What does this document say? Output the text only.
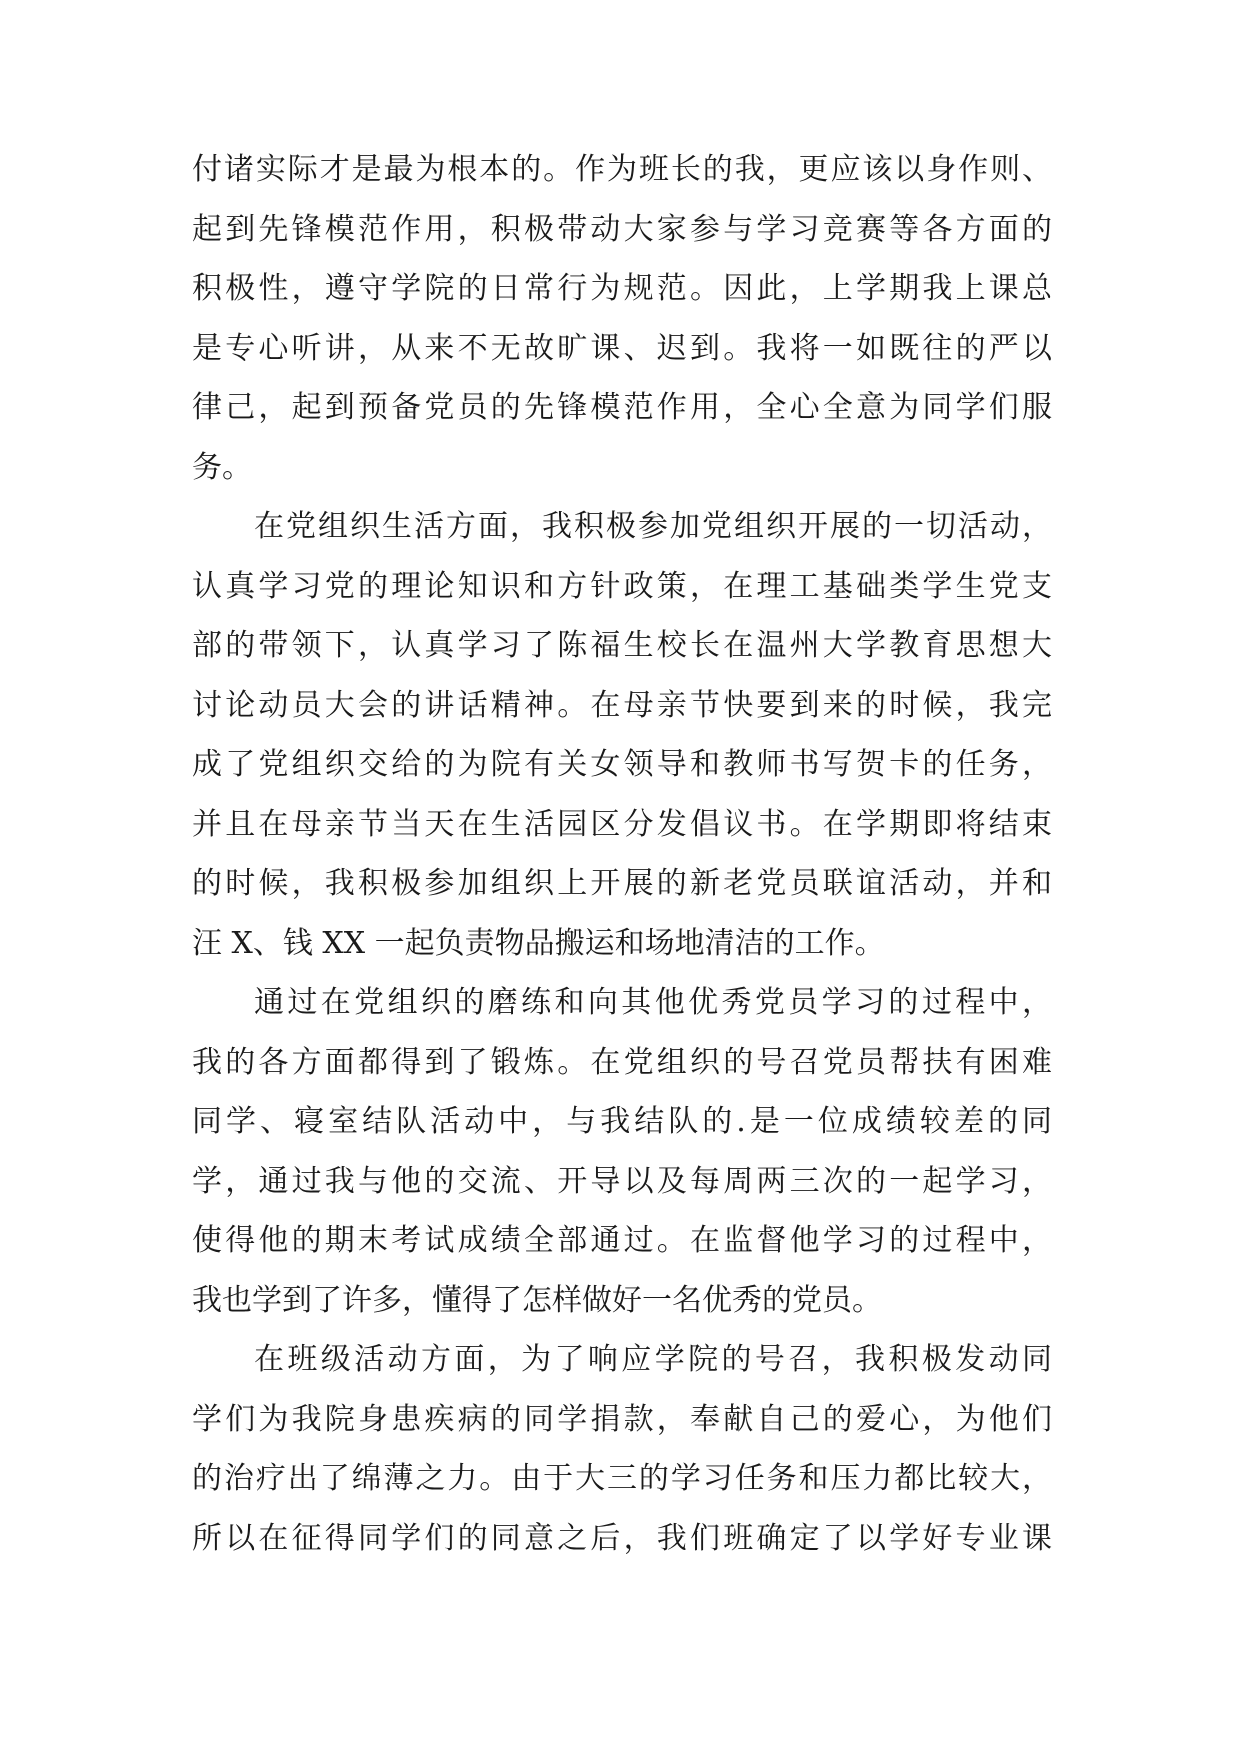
付诸实际才是最为根本的。作为班长的我，更应该以身作则、
起到先锋模范作用，积极带动大家参与学习竞赛等各方面的
积极性，遵守学院的日常行为规范。因此，上学期我上课总
是专心听讲，从来不无故旷课、迟到。我将一如既往的严以
律己，起到预备党员的先锋模范作用，全心全意为同学们服
务。
在党组织生活方面，我积极参加党组织开展的一切活动，
认真学习党的理论知识和方针政策，在理工基础类学生党支
部的带领下，认真学习了陈福生校长在温州大学教育思想大
讨论动员大会的讲话精神。在母亲节快要到来的时候，我完
成了党组织交给的为院有关女领导和教师书写贺卡的任务，
并且在母亲节当天在生活园区分发倡议书。在学期即将结束
的时候，我积极参加组织上开展的新老党员联谊活动，并和
汪 X、钱 XX 一起负责物品搬运和场地清洁的工作。
通过在党组织的磨练和向其他优秀党员学习的过程中，
我的各方面都得到了锻炼。在党组织的号召党员帮扶有困难
同学、寝室结队活动中，与我结队的.是一位成绩较差的同
学，通过我与他的交流、开导以及每周两三次的一起学习，
使得他的期末考试成绩全部通过。在监督他学习的过程中，
我也学到了许多，懂得了怎样做好一名优秀的党员。
在班级活动方面，为了响应学院的号召，我积极发动同
学们为我院身患疾病的同学捐款，奉献自己的爱心，为他们
的治疗出了绵薄之力。由于大三的学习任务和压力都比较大，
所以在征得同学们的同意之后，我们班确定了以学好专业课
